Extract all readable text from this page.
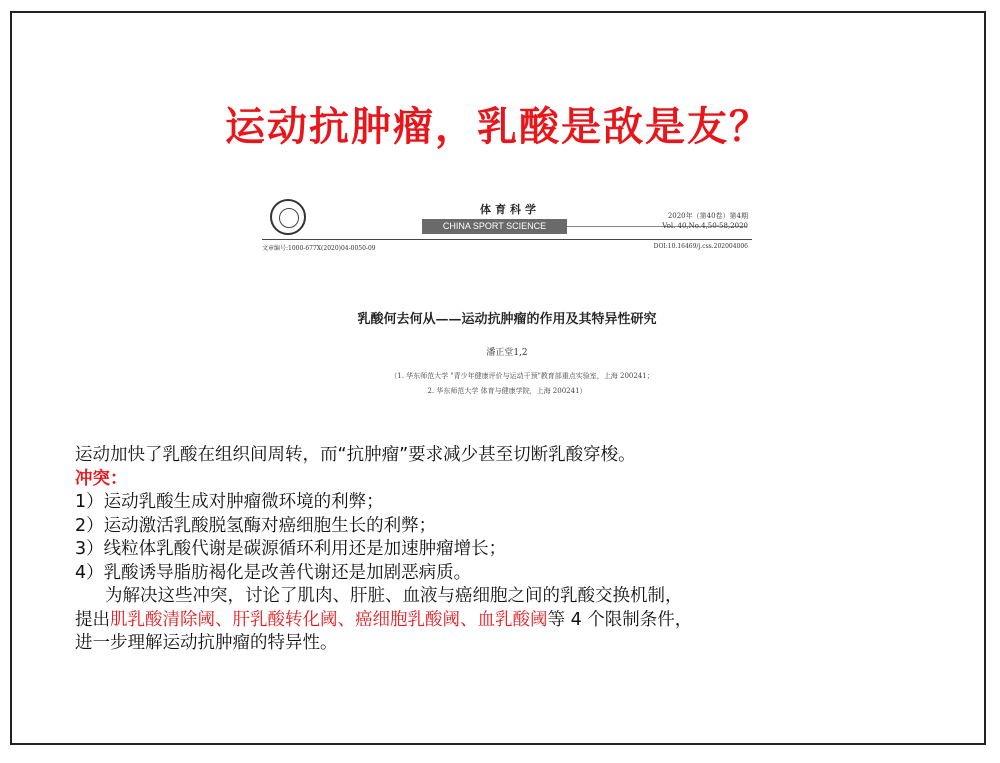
运动抗肿瘤，乳酸是敌是友？
体育科学
CHINA SPORT SCIENCE
2020年（第40卷）第4期
Vol. 40,No.4,50-58,2020
文章编号:1000-677X(2020)04-0050-09	DOI:10.16469/j.css.202004006
乳酸何去何从——运动抗肿瘤的作用及其特异性研究
潘正堂1,2
（1. 华东师范大学 "青少年健康评价与运动干预"教育部重点实验室，上海 200241；
2. 华东师范大学 体育与健康学院，上海 200241）

运动加快了乳酸在组织间周转，而“抗肿瘤”要求减少甚至切断乳酸穿梭。

冲突：

1）运动乳酸生成对肿瘤微环境的利弊；

2）运动激活乳酸脱氢酶对癌细胞生长的利弊；

3）线粒体乳酸代谢是碳源循环利用还是加速肿瘤增长；

4）乳酸诱导脂肪褐化是改善代谢还是加剧恶病质。

为解决这些冲突，讨论了肌肉、肝脏、血液与癌细胞之间的乳酸交换机制，

提出肌乳酸清除阈、肝乳酸转化阈、癌细胞乳酸阈、血乳酸阈等 4 个限制条件，

进一步理解运动抗肿瘤的特异性。
